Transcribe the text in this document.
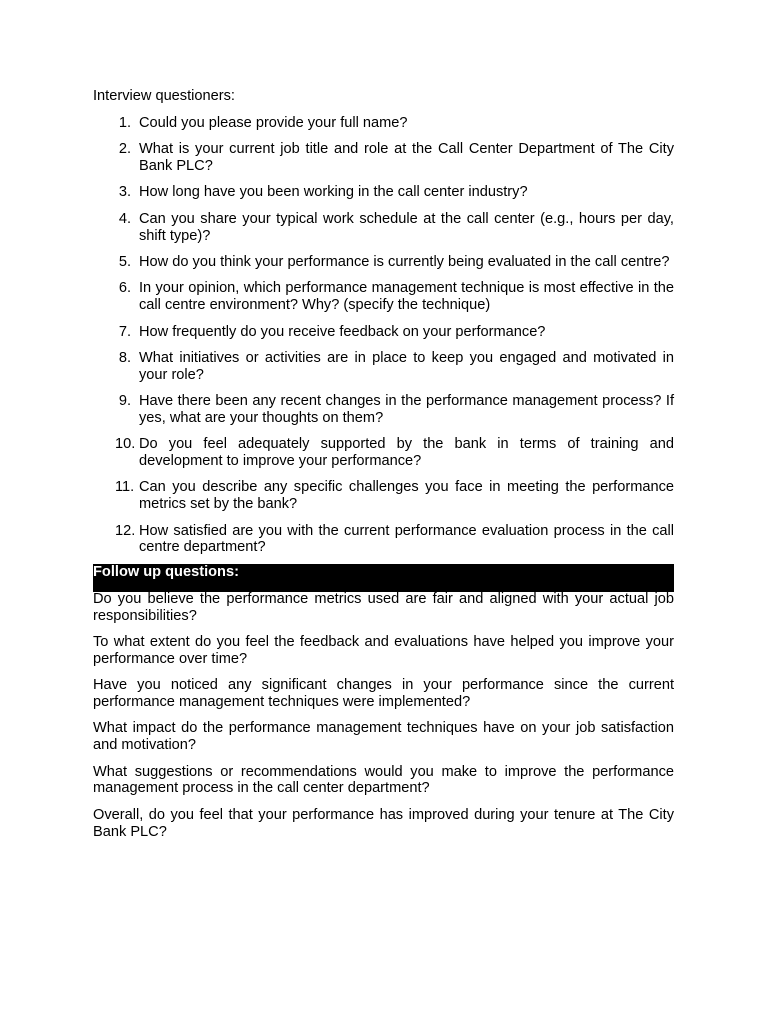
Interview questioners:

1. Could you please provide your full name?
2. What is your current job title and role at the Call Center Department of The City Bank PLC?
3. How long have you been working in the call center industry?
4. Can you share your typical work schedule at the call center (e.g., hours per day, shift type)?
5. How do you think your performance is currently being evaluated in the call centre?
6. In your opinion, which performance management technique is most effective in the call centre environment? Why? (specify the technique)
7. How frequently do you receive feedback on your performance?
8. What initiatives or activities are in place to keep you engaged and motivated in your role?
9. Have there been any recent changes in the performance management process? If yes, what are your thoughts on them?
10. Do you feel adequately supported by the bank in terms of training and development to improve your performance?
11. Can you describe any specific challenges you face in meeting the performance metrics set by the bank?
12. How satisfied are you with the current performance evaluation process in the call centre department?
Follow up questions:

Do you believe the performance metrics used are fair and aligned with your actual job responsibilities?

To what extent do you feel the feedback and evaluations have helped you improve your performance over time?

Have you noticed any significant changes in your performance since the current performance management techniques were implemented?

What impact do the performance management techniques have on your job satisfaction and motivation?

What suggestions or recommendations would you make to improve the performance management process in the call center department?

Overall, do you feel that your performance has improved during your tenure at The City Bank PLC?
